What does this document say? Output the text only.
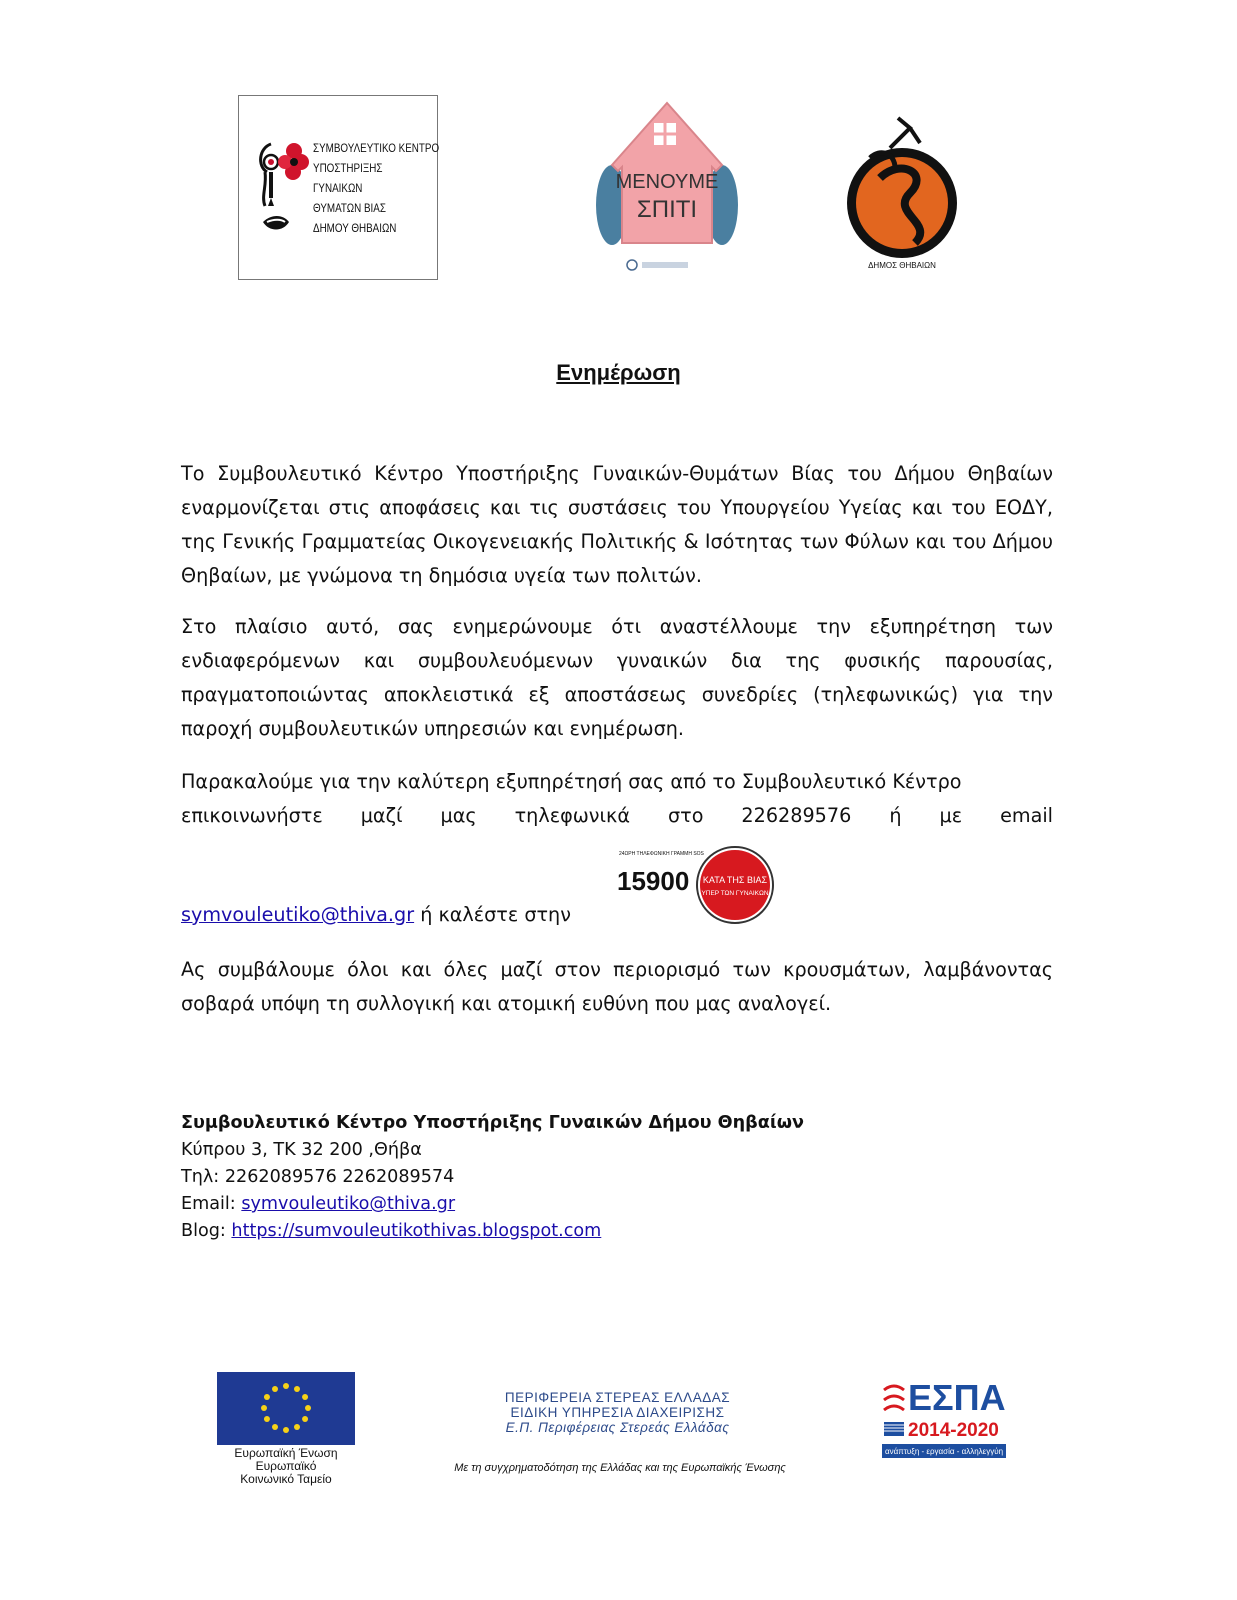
ΣΥΜΒΟΥΛΕΥΤΙΚΟ ΚΕΝΤΡΟ
ΥΠΟΣΤΗΡΙΞΗΣ
ΓΥΝΑΙΚΩΝ
ΘΥΜΑΤΩΝ ΒΙΑΣ
ΔΗΜΟΥ ΘΗΒΑΙΩΝ
ΜΕΝΟΥΜΕ
ΣΠΙΤΙ
ΔΗΜΟΣ ΘΗΒΑΙΩΝ
Ενημέρωση
Το Συμβουλευτικό Κέντρο Υποστήριξης Γυναικών-Θυμάτων Βίας του Δήμου Θηβαίων εναρμονίζεται στις αποφάσεις και τις συστάσεις του Υπουργείου Υγείας και του ΕΟΔΥ, της Γενικής Γραμματείας Οικογενειακής Πολιτικής & Ισότητας των Φύλων και του Δήμου Θηβαίων, με γνώμονα τη δημόσια υγεία των πολιτών.
Στο πλαίσιο αυτό, σας ενημερώνουμε ότι αναστέλλουμε την εξυπηρέτηση των ενδιαφερόμενων και συμβουλευόμενων γυναικών δια της φυσικής παρουσίας, πραγματοποιώντας αποκλειστικά εξ αποστάσεως συνεδρίες (τηλεφωνικώς) για την παροχή συμβουλευτικών υπηρεσιών και ενημέρωση.
Παρακαλούμε για την καλύτερη εξυπηρέτησή σας από το Συμβουλευτικό Κέντρο
επικοινωνήστε μαζί μας τηλεφωνικά στο 226289576 ή με email
symvouleutiko@thiva.gr ή καλέστε στην
24ΩΡΗ ΤΗΛΕΦΩΝΙΚΗ ΓΡΑΜΜΗ SOS
15900 ΚΑΤΑ ΤΗΣ ΒΙΑΣ
ΥΠΕΡ ΤΩΝ ΓΥΝΑΙΚΩΝ
Ας συμβάλουμε όλοι και όλες μαζί στον περιορισμό των κρουσμάτων, λαμβάνοντας σοβαρά υπόψη τη συλλογική και ατομική ευθύνη που μας αναλογεί.
Συμβουλευτικό Κέντρο Υποστήριξης Γυναικών Δήμου Θηβαίων
Κύπρου 3, ΤΚ 32 200 ,Θήβα
Τηλ: 2262089576 2262089574
Email: symvouleutiko@thiva.gr
Blog: https://sumvouleutikothivas.blogspot.com
Ευρωπαϊκή Ένωση
Ευρωπαϊκό
Κοινωνικό Ταμείο
ΠΕΡΙΦΕΡΕΙΑ ΣΤΕΡΕΑΣ ΕΛΛΑΔΑΣ
ΕΙΔΙΚΗ ΥΠΗΡΕΣΙΑ ΔΙΑΧΕΙΡΙΣΗΣ
Ε.Π. Περιφέρειας Στερεάς Ελλάδας
Με τη συγχρηματοδότηση της Ελλάδας και της Ευρωπαϊκής Ένωσης
ΕΣΠΑ
2014-2020
ανάπτυξη - εργασία - αλληλεγγύη
